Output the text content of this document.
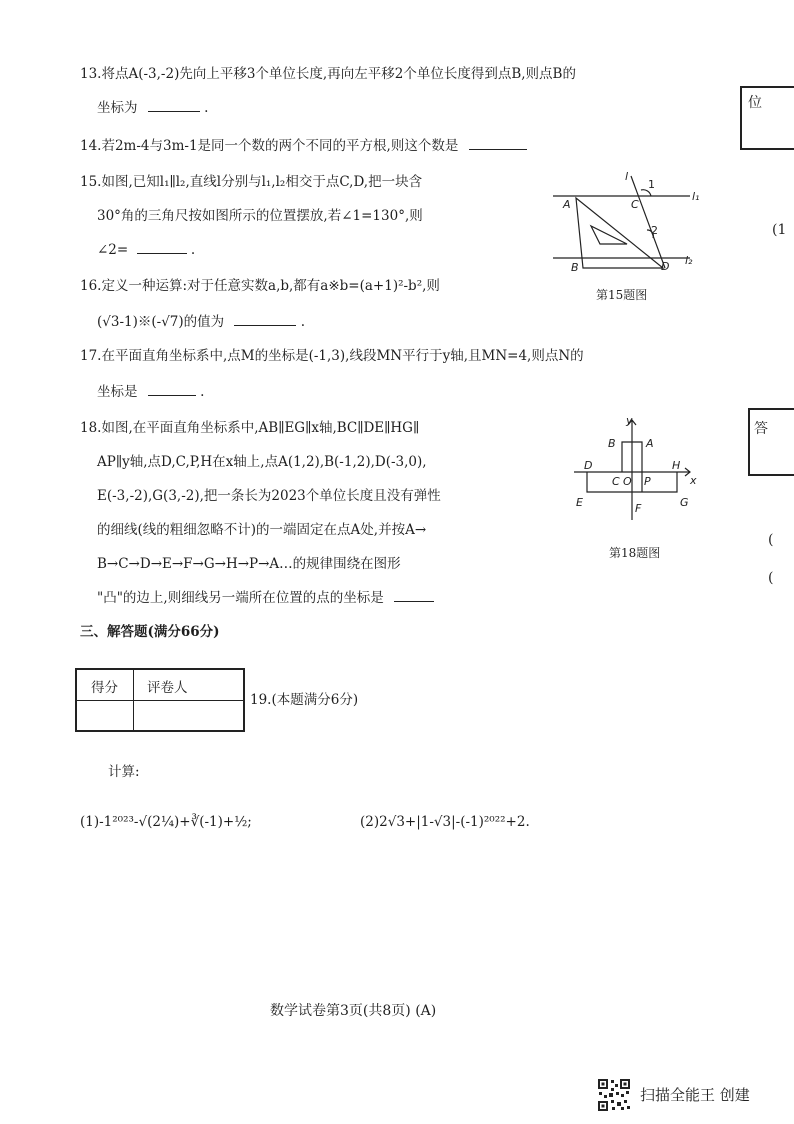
13.将点A(-3,-2)先向上平移3个单位长度,再向左平移2个单位长度得到点B,则点B的
坐标为	.
14.若2m-4与3m-1是同一个数的两个不同的平方根,则这个数是
15.如图,已知l₁∥l₂,直线l分别与l₁,l₂相交于点C,D,把一块含
30°角的三角尺按如图所示的位置摆放,若∠1=130°,则
∠2=	.
l
1
l₁
A	C
2
B	D l₂
第15题图
16.定义一种运算:对于任意实数a,b,都有a※b=(a+1)²-b²,则
(√3-1)※(-√7)的值为	.
17.在平面直角坐标系中,点M的坐标是(-1,3),线段MN平行于y轴,且MN=4,则点N的
坐标是	.
18.如图,在平面直角坐标系中,AB∥EG∥x轴,BC∥DE∥HG∥
AP∥y轴,点D,C,P,H在x轴上,点A(1,2),B(-1,2),D(-3,0),
E(-3,-2),G(3,-2),把一条长为2023个单位长度且没有弹性
的细线(线的粗细忽略不计)的一端固定在点A处,并按A→
B→C→D→E→F→G→H→P→A…的规律围绕在图形
"凸"的边上,则细线另一端所在位置的点的坐标是
y
B	A
D
C O P
H
x
E	G
F
第18题图
三、解答题(满分66分)
得分 评卷人
19.(本题满分6分)
计算:
(1)-1²⁰²³-√(2¼)+∛(-1)+½;	(2)2√3+|1-√3|-(-1)²⁰²²+2.
数学试卷第3页(共8页) (A)
位
(1
答
(
(
扫描全能王 创建
